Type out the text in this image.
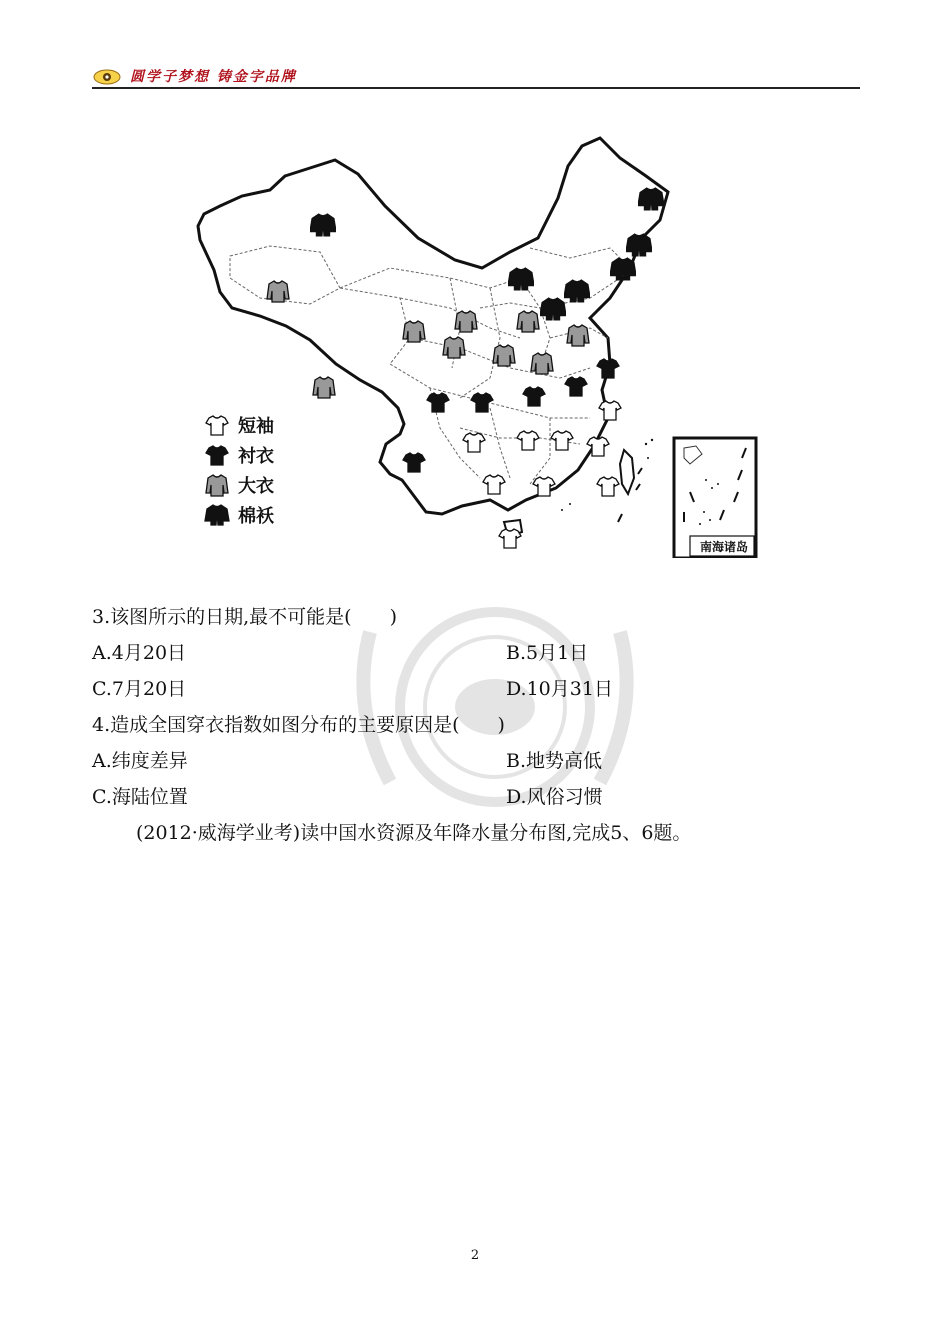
圆学子梦想 铸金字品牌
短袖
衬衣
大衣
棉袄
南海诸岛
3.该图所示的日期,最不可能是(　　)
A.4月20日	B.5月1日
C.7月20日	D.10月31日
4.造成全国穿衣指数如图分布的主要原因是(　　)
A.纬度差异	B.地势高低
C.海陆位置	D.风俗习惯
(2012·威海学业考)读中国水资源及年降水量分布图,完成5、6题。
2
